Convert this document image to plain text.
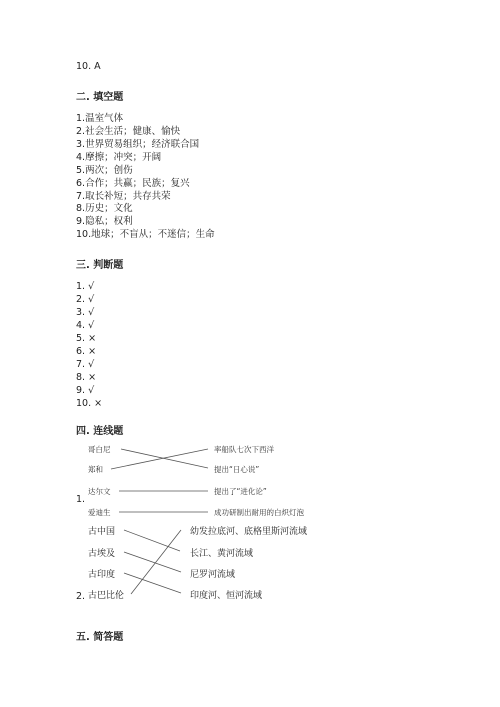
10. A
二. 填空题
1.温室气体
2.社会生活；健康、愉快
3.世界贸易组织；经济联合国
4.摩擦；冲突；开阔
5.两次；创伤
6.合作；共赢；民族；复兴
7.取长补短；共存共荣
8.历史；文化
9.隐私；权利
10.地球；不盲从；不迷信；生命
三. 判断题
1. √
2. √
3. √
4. √
5. ×
6. ×
7. √
8. ×
9. √
10. ×
四. 连线题
1.
哥白尼
郑和
达尔文
爱迪生
率船队七次下西洋
提出“日心说”
提出了“进化论”
成功研制出耐用的白炽灯泡
2.
古中国
古埃及
古印度
古巴比伦
幼发拉底河、底格里斯河流域
长江、黄河流域
尼罗河流域
印度河、恒河流域
五. 简答题
